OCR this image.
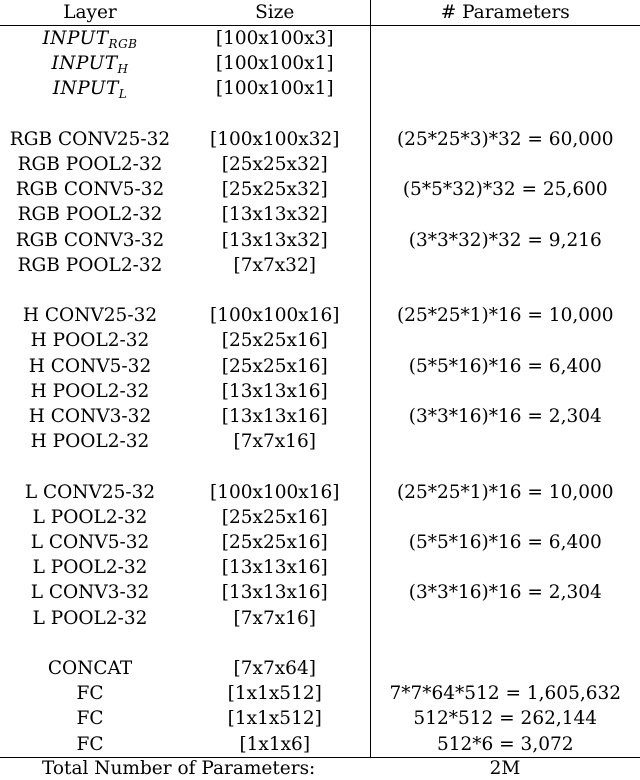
Layer	Size	# Parameters
$INPUT_{RGB}$	[100x100x3]	
$INPUT_H$	[100x100x1]	
$INPUT_L$	[100x100x1]	

RGB CONV25-32	[100x100x32]	(25*25*3)*32 = 60,000
RGB POOL2-32	[25x25x32]	
RGB CONV5-32	[25x25x32]	(5*5*32)*32 = 25,600
RGB POOL2-32	[13x13x32]	
RGB CONV3-32	[13x13x32]	(3*3*32)*32 = 9,216
RGB POOL2-32	[7x7x32]	

H CONV25-32	[100x100x16]	(25*25*1)*16 = 10,000
H POOL2-32	[25x25x16]	
H CONV5-32	[25x25x16]	(5*5*16)*16 = 6,400
H POOL2-32	[13x13x16]	
H CONV3-32	[13x13x16]	(3*3*16)*16 = 2,304
H POOL2-32	[7x7x16]	

L CONV25-32	[100x100x16]	(25*25*1)*16 = 10,000
L POOL2-32	[25x25x16]	
L CONV5-32	[25x25x16]	(5*5*16)*16 = 6,400
L POOL2-32	[13x13x16]	
L CONV3-32	[13x13x16]	(3*3*16)*16 = 2,304
L POOL2-32	[7x7x16]	

CONCAT	[7x7x64]	
FC	[1x1x512]	7*7*64*512 = 1,605,632
FC	[1x1x512]	512*512 = 262,144
FC	[1x1x6]	512*6 = 3,072
Total Number of Parameters:		2M
